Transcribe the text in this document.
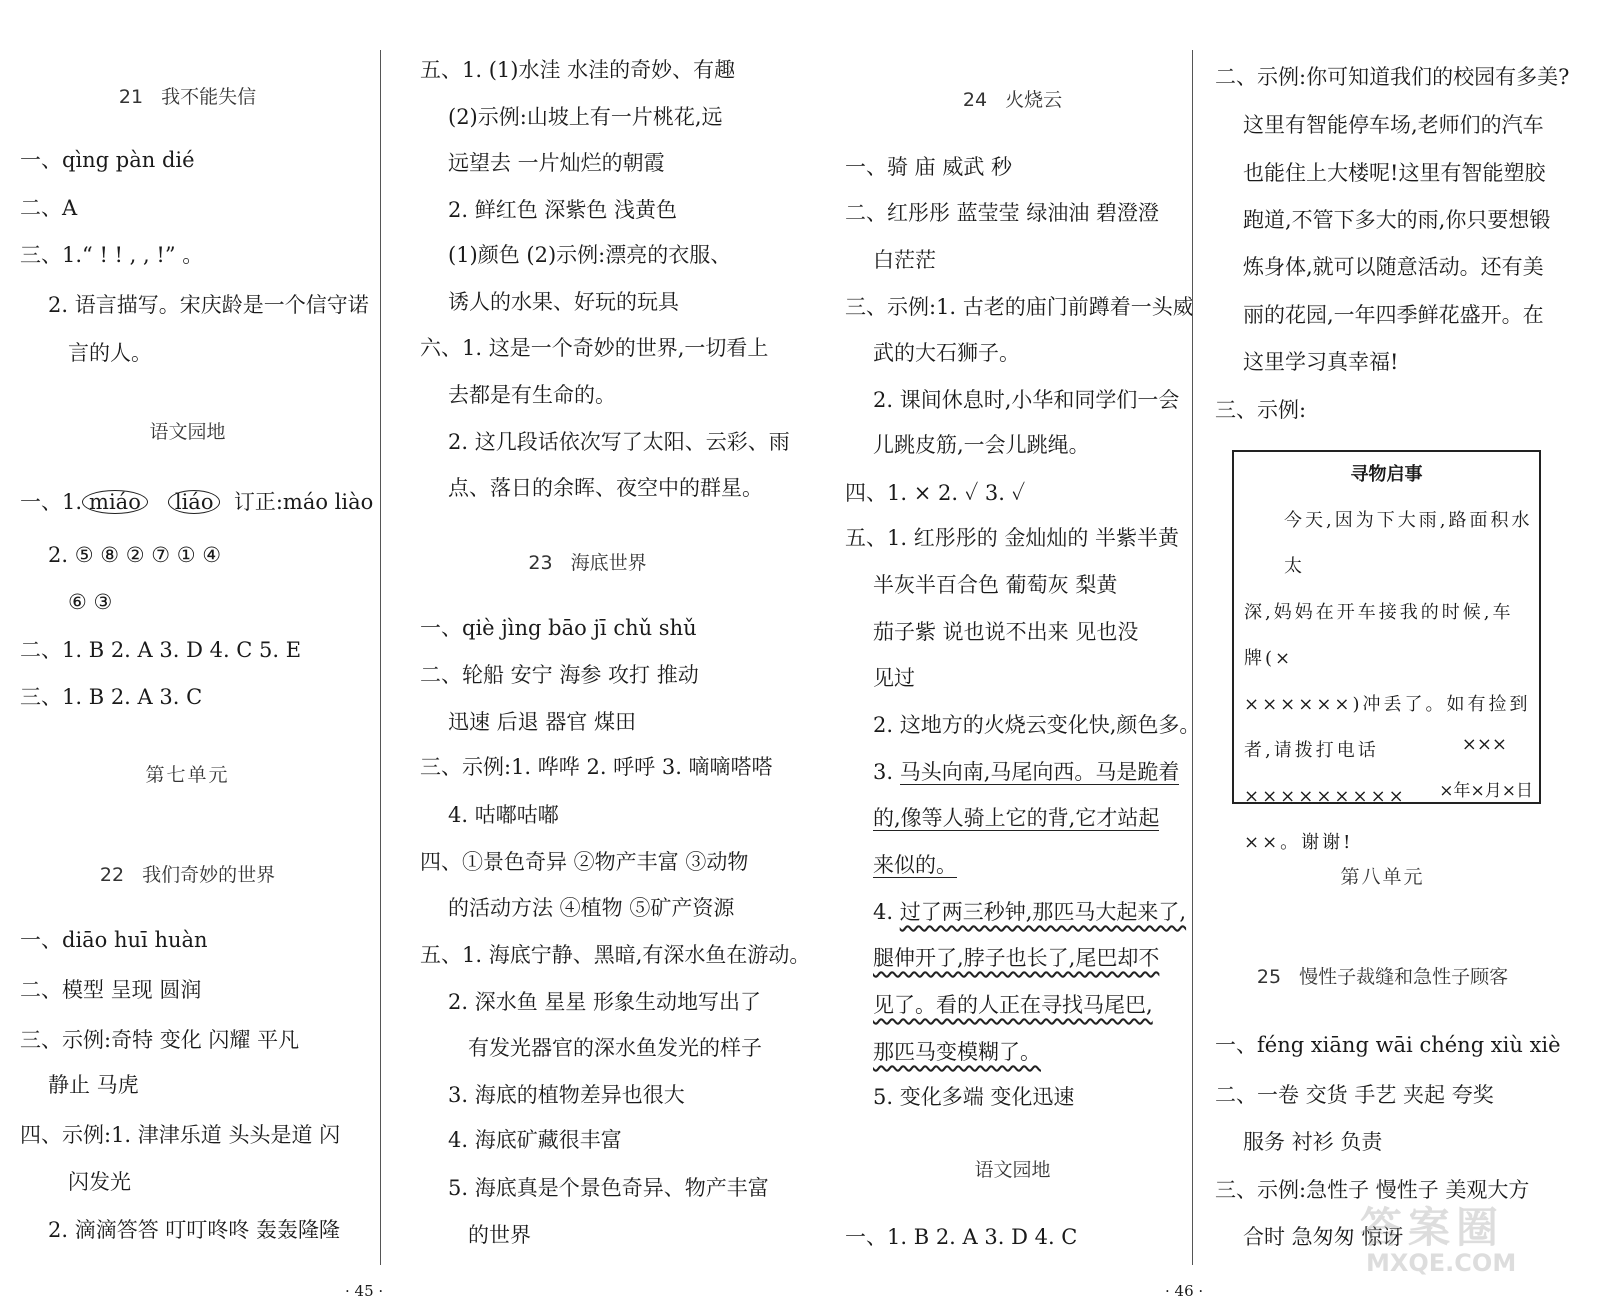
21 我不能失信
一、qìng pàn dié
二、A
三、1.“ ! ! , , !” 。
2. 语言描写。宋庆龄是一个信守诺
言的人。
语文园地
一、1. miáo liáo 订正:máo liào
2. ⑤ ⑧ ② ⑦ ① ④
⑥ ③
二、1. B 2. A 3. D 4. C 5. E
三、1. B 2. A 3. C
第七单元
22 我们奇妙的世界
一、diāo huī huàn
二、模型 呈现 圆润
三、示例:奇特 变化 闪耀 平凡
静止 马虎
四、示例:1. 津津乐道 头头是道 闪
闪发光
2. 滴滴答答 叮叮咚咚 轰轰隆隆
五、1. (1)水洼 水洼的奇妙、有趣
(2)示例:山坡上有一片桃花,远
远望去 一片灿烂的朝霞
2. 鲜红色 深紫色 浅黄色
(1)颜色 (2)示例:漂亮的衣服、
诱人的水果、好玩的玩具
六、1. 这是一个奇妙的世界,一切看上
去都是有生命的。
2. 这几段话依次写了太阳、云彩、雨
点、落日的余晖、夜空中的群星。
23 海底世界
一、qiè jìng bāo jī chǔ shǔ
二、轮船 安宁 海参 攻打 推动
迅速 后退 器官 煤田
三、示例:1. 哗哗 2. 呼呼 3. 嘀嘀嗒嗒
4. 咕嘟咕嘟
四、①景色奇异 ②物产丰富 ③动物
的活动方法 ④植物 ⑤矿产资源
五、1. 海底宁静、黑暗,有深水鱼在游动。
2. 深水鱼 星星 形象生动地写出了
有发光器官的深水鱼发光的样子
3. 海底的植物差异也很大
4. 海底矿藏很丰富
5. 海底真是个景色奇异、物产丰富
的世界
· 45 ·
24 火烧云
一、骑 庙 威武 秒
二、红彤彤 蓝莹莹 绿油油 碧澄澄
白茫茫
三、示例:1. 古老的庙门前蹲着一头威
武的大石狮子。
2. 课间休息时,小华和同学们一会
儿跳皮筋,一会儿跳绳。
四、1. × 2. ✓ 3. ✓
五、1. 红彤彤的 金灿灿的 半紫半黄
半灰半百合色 葡萄灰 梨黄
茄子紫 说也说不出来 见也没
见过
2. 这地方的火烧云变化快,颜色多。
3. 马头向南,马尾向西。马是跪着
的,像等人骑上它的背,它才站起
来似的。
4. 过了两三秒钟,那匹马大起来了,
腿伸开了,脖子也长了,尾巴却不
见了。看的人正在寻找马尾巴,
那匹马变模糊了。
5. 变化多端 变化迅速
语文园地
一、1. B 2. A 3. D 4. C
二、示例:你可知道我们的校园有多美?
这里有智能停车场,老师们的汽车
也能住上大楼呢!这里有智能塑胶
跑道,不管下多大的雨,你只要想锻
炼身体,就可以随意活动。还有美
丽的花园,一年四季鲜花盛开。在
这里学习真幸福!
三、示例:
第八单元
25 慢性子裁缝和急性子顾客
一、féng xiāng wāi chéng xiù xiè
二、一卷 交货 手艺 夹起 夸奖
服务 衬衫 负责
三、示例:急性子 慢性子 美观大方
合时 急匆匆 惊讶
· 46 ·
寻物启事
今天,因为下大雨,路面积水太
深,妈妈在开车接我的时候,车牌(×
××××××)冲丢了。如有捡到
者,请拨打电话×××××××××
××。谢谢!
×××
×年×月×日
答案圈
MXQE.COM
